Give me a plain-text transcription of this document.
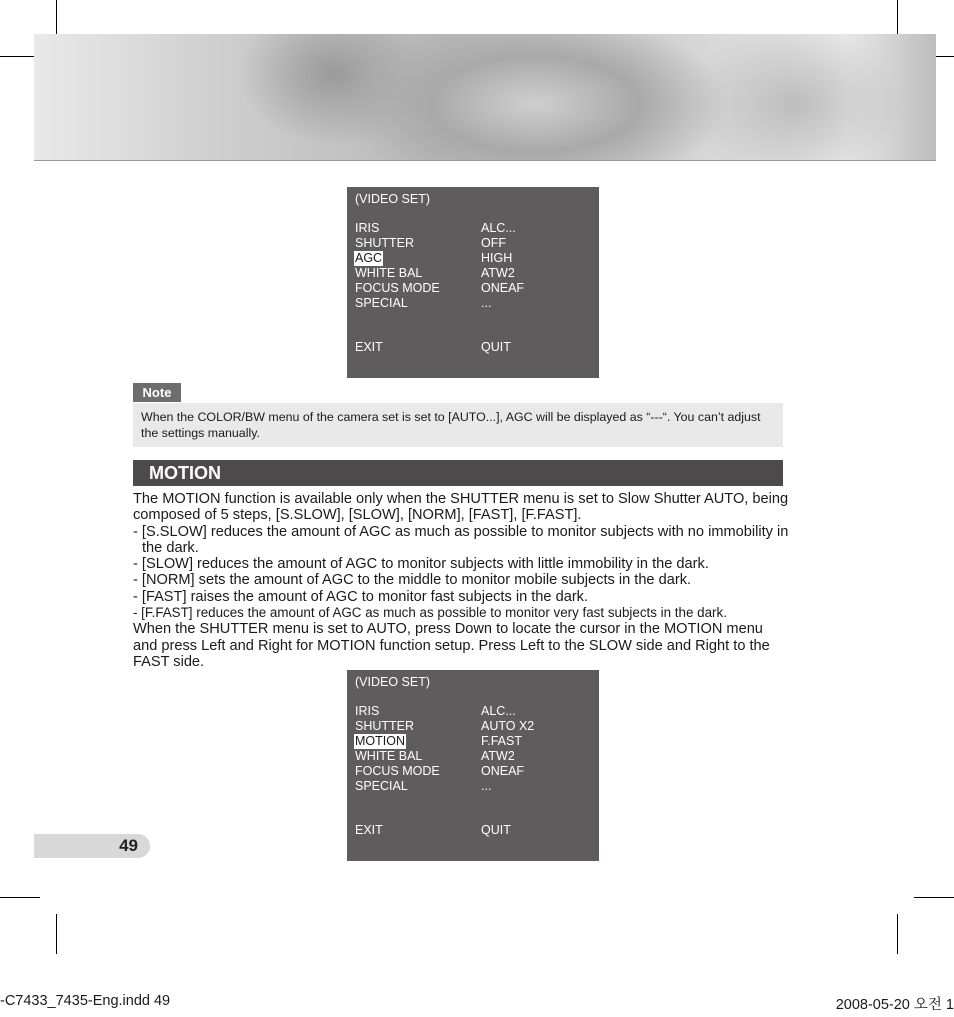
(VIDEO SET)
IRIS	ALC...
SHUTTER	OFF
AGC	HIGH
WHITE BAL	ATW2
FOCUS MODE	ONEAF
SPECIAL	...
EXIT	QUIT
Note
When the COLOR/BW menu of the camera set is set to [AUTO...], AGC will be displayed as “---“. You can’t adjust the settings manually.
MOTION

The MOTION function is available only when the SHUTTER menu is set to Slow Shutter AUTO, being composed of 5 steps, [S.SLOW], [SLOW], [NORM], [FAST], [F.FAST].

- [S.SLOW] reduces the amount of AGC as much as possible to monitor subjects with no immobility in the dark.

- [SLOW] reduces the amount of AGC to monitor subjects with little immobility in the dark.

- [NORM] sets the amount of AGC to the middle to monitor mobile subjects in the dark.

- [FAST] raises the amount of AGC to monitor fast subjects in the dark.

- [F.FAST] reduces the amount of AGC as much as possible to monitor very fast subjects in the dark.

When the SHUTTER menu is set to AUTO, press Down to locate the cursor in the MOTION menu and press Left and Right for MOTION function setup. Press Left to the SLOW side and Right to the FAST side.

(VIDEO SET)
IRIS	ALC...
SHUTTER	AUTO X2
MOTION	F.FAST
WHITE BAL	ATW2
FOCUS MODE	ONEAF
SPECIAL	...
EXIT	QUIT
49
-C7433_7435-Eng.indd 49	2008-05-20 오전 1
